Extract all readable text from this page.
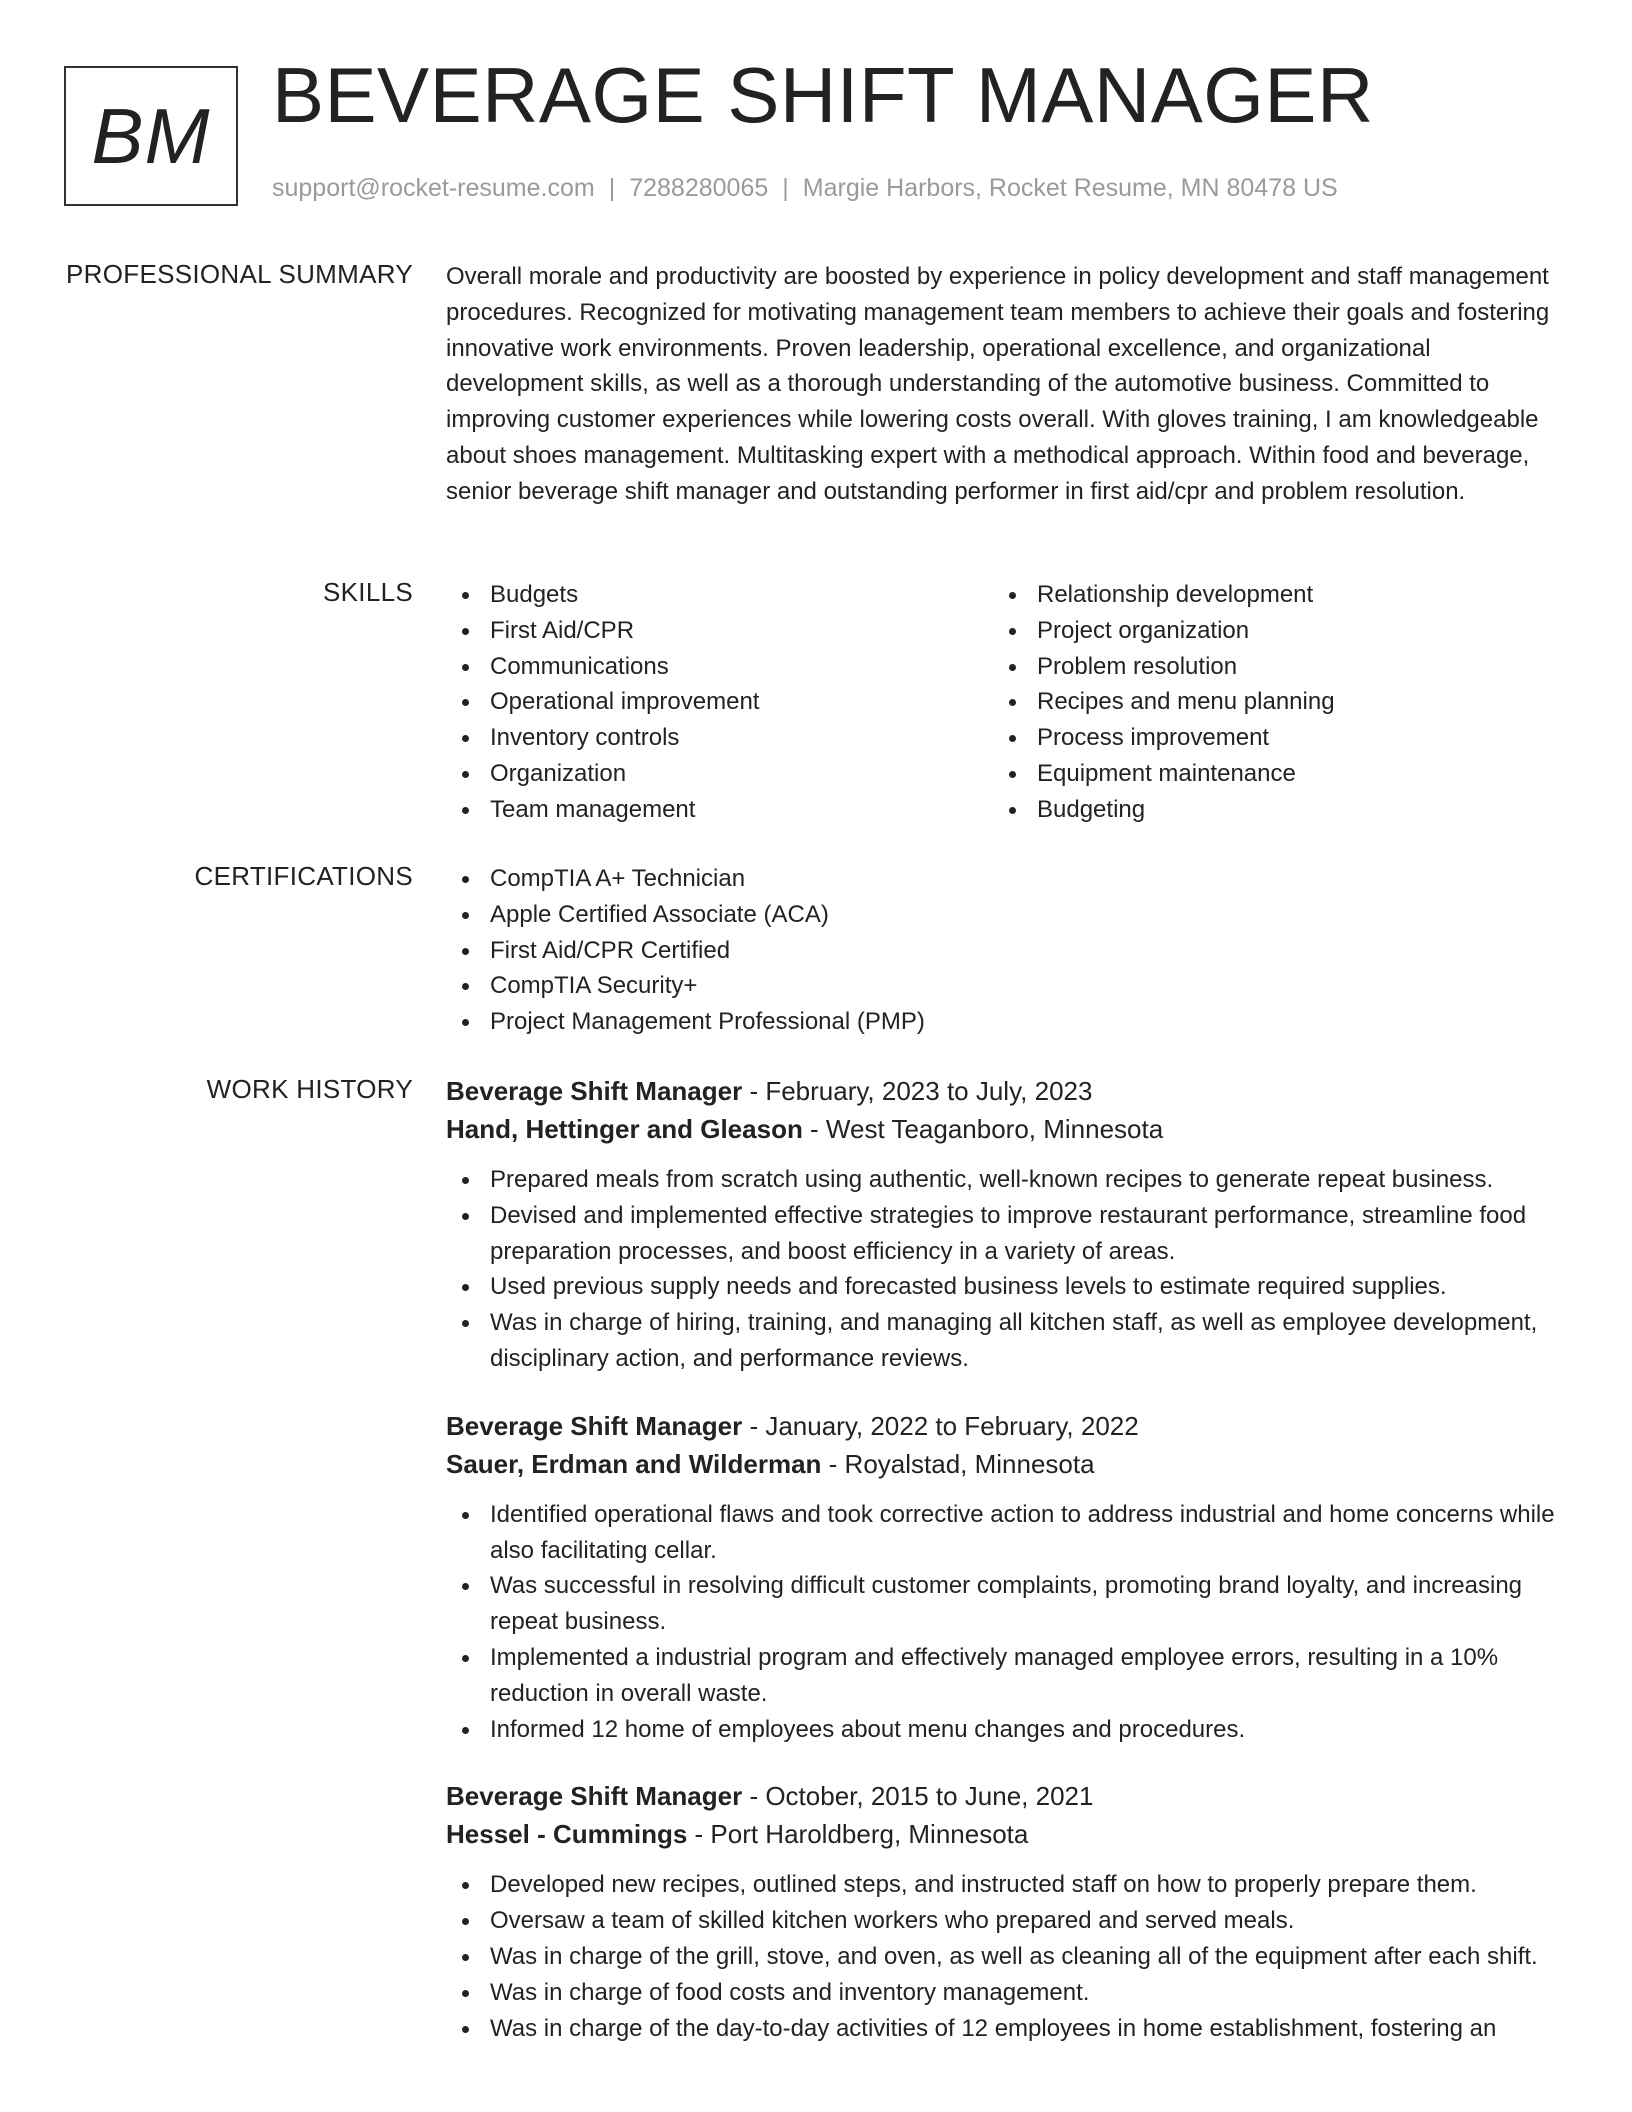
BM BEVERAGE SHIFT MANAGER
support@rocket-resume.com | 7288280065 | Margie Harbors, Rocket Resume, MN 80478 US
PROFESSIONAL SUMMARY Overall morale and productivity are boosted by experience in policy development and staff management procedures. Recognized for motivating management team members to achieve their goals and fostering innovative work environments. Proven leadership, operational excellence, and organizational development skills, as well as a thorough understanding of the automotive business. Committed to improving customer experiences while lowering costs overall. With gloves training, I am knowledgeable about shoes management. Multitasking expert with a methodical approach. Within food and beverage, senior beverage shift manager and outstanding performer in first aid/cpr and problem resolution.
SKILLS	Budgets
First Aid/CPR
Communications
Operational improvement
Inventory controls
Organization
Team management
Relationship development
Project organization
Problem resolution
Recipes and menu planning
Process improvement
Equipment maintenance
Budgeting
CERTIFICATIONS	CompTIA A+ Technician
Apple Certified Associate (ACA)
First Aid/CPR Certified
CompTIA Security+
Project Management Professional (PMP)
WORK HISTORY Beverage Shift Manager - February, 2023 to July, 2023
Hand, Hettinger and Gleason - West Teaganboro, Minnesota
Prepared meals from scratch using authentic, well-known recipes to generate repeat business.
Devised and implemented effective strategies to improve restaurant performance, streamline food preparation processes, and boost efficiency in a variety of areas.
Used previous supply needs and forecasted business levels to estimate required supplies.
Was in charge of hiring, training, and managing all kitchen staff, as well as employee development, disciplinary action, and performance reviews.
Beverage Shift Manager - January, 2022 to February, 2022
Sauer, Erdman and Wilderman - Royalstad, Minnesota
Identified operational flaws and took corrective action to address industrial and home concerns while also facilitating cellar.
Was successful in resolving difficult customer complaints, promoting brand loyalty, and increasing repeat business.
Implemented a industrial program and effectively managed employee errors, resulting in a 10% reduction in overall waste.
Informed 12 home of employees about menu changes and procedures.
Beverage Shift Manager - October, 2015 to June, 2021
Hessel - Cummings - Port Haroldberg, Minnesota
Developed new recipes, outlined steps, and instructed staff on how to properly prepare them.
Oversaw a team of skilled kitchen workers who prepared and served meals.
Was in charge of the grill, stove, and oven, as well as cleaning all of the equipment after each shift.
Was in charge of food costs and inventory management.
Was in charge of the day-to-day activities of 12 employees in home establishment, fostering an
